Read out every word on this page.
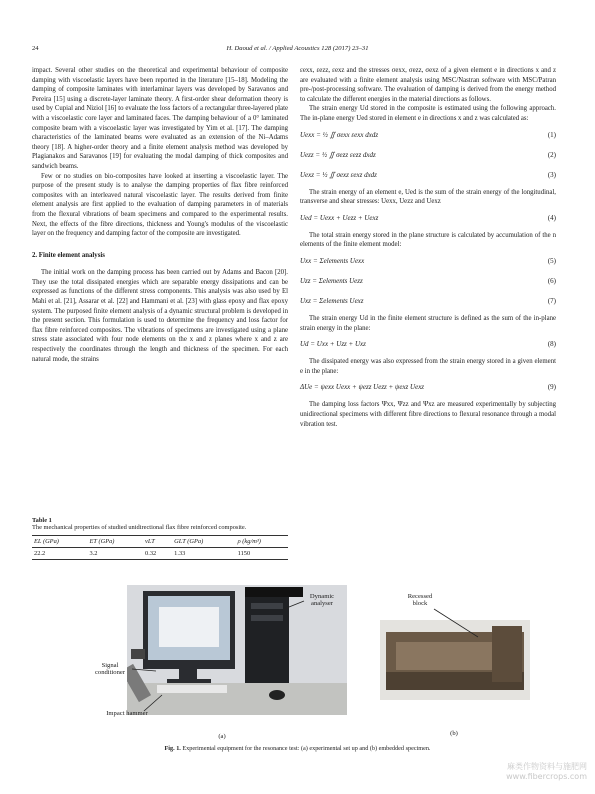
24	H. Daoud et al. / Applied Acoustics 128 (2017) 23–31

impact. Several other studies on the theoretical and experimental behaviour of composite damping with viscoelastic layers have been reported in the literature [15–18]. Modeling the damping of composite laminates with interlaminar layers was developed by Saravanos and Pereira [15] using a discrete-layer laminate theory. A first-order shear deformation theory is used by Cupial and Niziol [16] to evaluate the loss factors of a rectangular three-layered plate with a viscoelastic core layer and laminated faces. The damping behaviour of a 0° laminated composite beam with a viscoelastic layer was investigated by Yim et al. [17]. The damping characteristics of the laminated beams were evaluated as an extension of the Ni–Adams theory [18]. A higher-order theory and a finite element analysis method was developed by Plagianakos and Saravanos [19] for evaluating the modal damping of thick composites and sandwich beams.

Few or no studies on bio-composites have looked at inserting a viscoelastic layer. The purpose of the present study is to analyse the damping properties of flax fibre reinforced composites with an interleaved natural viscoelastic layer. The results derived from finite element analysis are first applied to the evaluation of damping parameters in of materials from the flexural vibrations of beam specimens and compared to the experimental results. Next, the effects of the fibre directions, thickness and Young's modulus of the viscoelastic layer on the frequency and damping factor of the composite are investigated.

2. Finite element analysis

The initial work on the damping process has been carried out by Adams and Bacon [20]. They use the total dissipated energies which are separable energy dissipations and can be expressed as functions of the different stress components. This analysis was also used by El Mahi et al. [21], Assarar et al. [22] and Hammani et al. [23] with glass epoxy and flax epoxy system. The purposed finite element analysis of a dynamic structural problem is developed in the present section. This formulation is used to determine the frequency and loss factor for flax fibre reinforced composites. The vibrations of specimens are investigated using a plane stress state associated with four node elements on the x and z planes where x and z are respectively the coordinates through the length and thickness of the specimen. For each natural mode, the strains

εexx, εezz, εexz and the stresses σexx, σezz, σexz of a given element e in directions x and z are evaluated with a finite element analysis using MSC/Nastran software with MSC/Patran pre-/post-processing software. The evaluation of damping is derived from the energy method to calculate the different energies in the material directions as follows.

The strain energy Ud stored in the composite is estimated using the following approach. The in-plane energy Ued stored in element e in directions x and z was calculated as:

Uexx = ½ ∬ σexx εexx dxdz	(1)
Uezz = ½ ∬ σezz εezz dxdz	(2)
Uexz = ½ ∬ σexz εexz dxdz	(3)

The strain energy of an element e, Ued is the sum of the strain energy of the longitudinal, transverse and shear stresses: Uexx, Uezz and Uexz

Ued = Uexx + Uezz + Uexz	(4)

The total strain energy stored in the plane structure is calculated by accumulation of the n elements of the finite element model:

Uxx = Σelements Uexx	(5)
Uzz = Σelements Uezz	(6)
Uxz = Σelements Uexz	(7)

The strain energy Ud in the finite element structure is defined as the sum of the in-plane strain energy in the plane:

Ud = Uxx + Uzz + Uxz	(8)

The dissipated energy was also expressed from the strain energy stored in a given element e in the plane:

ΔUe = ψexx Uexx + ψezz Uezz + ψexz Uexz	(9)

The damping loss factors Ψxx, Ψzz and Ψxz are measured experimentally by subjecting unidirectional specimens with different fibre directions to flexural resonance through a modal vibration test.

Table 1
The mechanical properties of studied unidirectional flax fibre reinforced composite.
EL (GPa)	ET (GPa)	νLT	GLT (GPa)	ρ (kg/m³)
22.2	3.2	0.32	1.33	1150
Dynamic analyser
Signal conditioner
Impact hammer
Recessed block
(a)	(b)
Fig. 1. Experimental equipment for the resonance test: (a) experimental set up and (b) embedded specimen.
麻类作物资料与施肥网
www.fibercrops.com
